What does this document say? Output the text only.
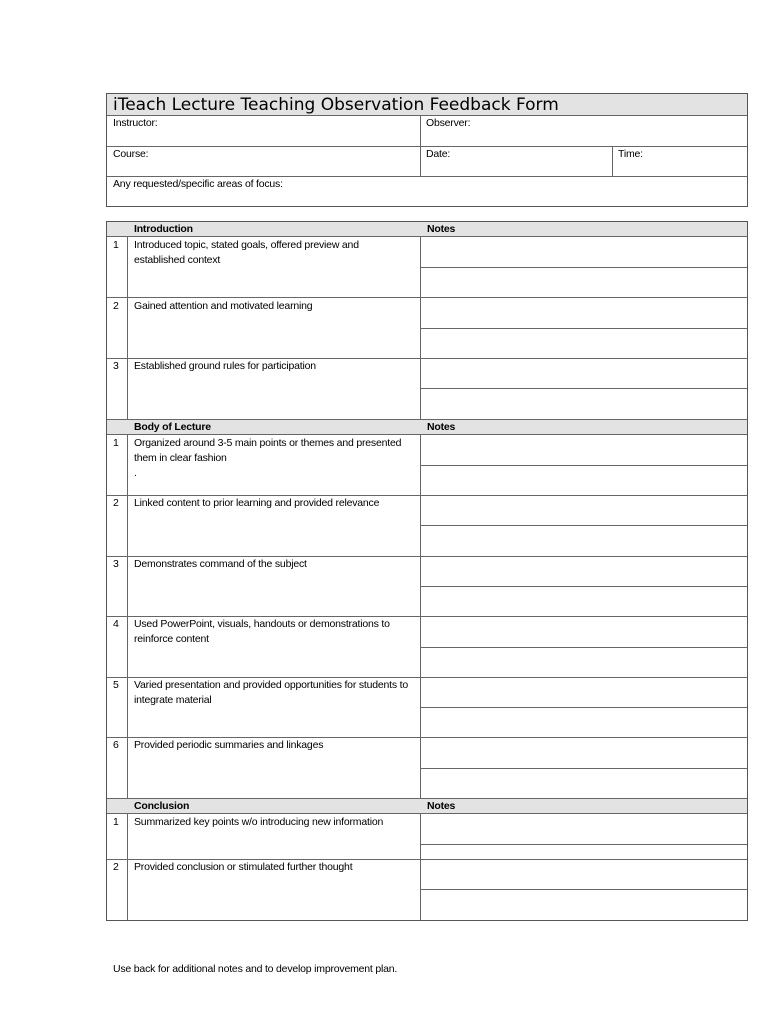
iTeach Lecture Teaching Observation Feedback Form
Instructor:	Observer:
Course:	Date:	Time:
Any requested/specific areas of focus:
Introduction	Notes
1 Introduced topic, stated goals, offered preview and established context
2 Gained attention and motivated learning
3 Established ground rules for participation
Body of Lecture	Notes
1 Organized around 3-5 main points or themes and presented them in clear fashion
.
2 Linked content to prior learning and provided relevance
3 Demonstrates command of the subject
4 Used PowerPoint, visuals, handouts or demonstrations to reinforce content
5 Varied presentation and provided opportunities for students to integrate material
6 Provided periodic summaries and linkages
Conclusion	Notes
1 Summarized key points w/o introducing new information
2 Provided conclusion or stimulated further thought
Use back for additional notes and to develop improvement plan.
